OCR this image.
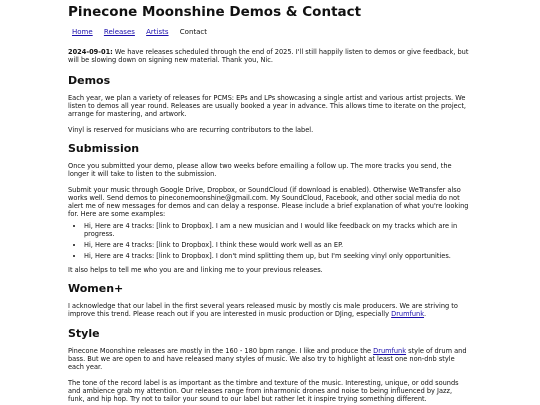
Pinecone Moonshine Demos & Contact
Home Releases Artists Contact

2024-09-01: We have releases scheduled through the end of 2025. I'll still happily listen to demos or give feedback, but will be slowing down on signing new material. Thank you, Nic.

Demos

Each year, we plan a variety of releases for PCMS: EPs and LPs showcasing a single artist and various artist projects. We listen to demos all year round. Releases are usually booked a year in advance. This allows time to iterate on the project, arrange for mastering, and artwork.

Vinyl is reserved for musicians who are recurring contributors to the label.

Submission

Once you submitted your demo, please allow two weeks before emailing a follow up. The more tracks you send, the longer it will take to listen to the submission.

Submit your music through Google Drive, Dropbox, or SoundCloud (if download is enabled). Otherwise WeTransfer also works well. Send demos to pineconemoonshine@gmail.com. My SoundCloud, Facebook, and other social media do not alert me of new messages for demos and can delay a response. Please include a brief explanation of what you're looking for. Here are some examples:

• Hi, Here are 4 tracks: [link to Dropbox]. I am a new musician and I would like feedback on my tracks which are in progress.
• Hi, Here are 4 tracks: [link to Dropbox]. I think these would work well as an EP.
• Hi, Here are 4 tracks: [link to Dropbox]. I don't mind splitting them up, but I'm seeking vinyl only opportunities.

It also helps to tell me who you are and linking me to your previous releases.

Women+

I acknowledge that our label in the first several years released music by mostly cis male producers. We are striving to improve this trend. Please reach out if you are interested in music production or DJing, especially Drumfunk.

Style

Pinecone Moonshine releases are mostly in the 160 - 180 bpm range. I like and produce the Drumfunk style of drum and bass. But we are open to and have released many styles of music. We also try to highlight at least one non-dnb style each year.

The tone of the record label is as important as the timbre and texture of the music. Interesting, unique, or odd sounds and ambience grab my attention. Our releases range from inharmonic drones and noise to being influenced by Jazz, funk, and hip hop. Try not to tailor your sound to our label but rather let it inspire trying something different.
